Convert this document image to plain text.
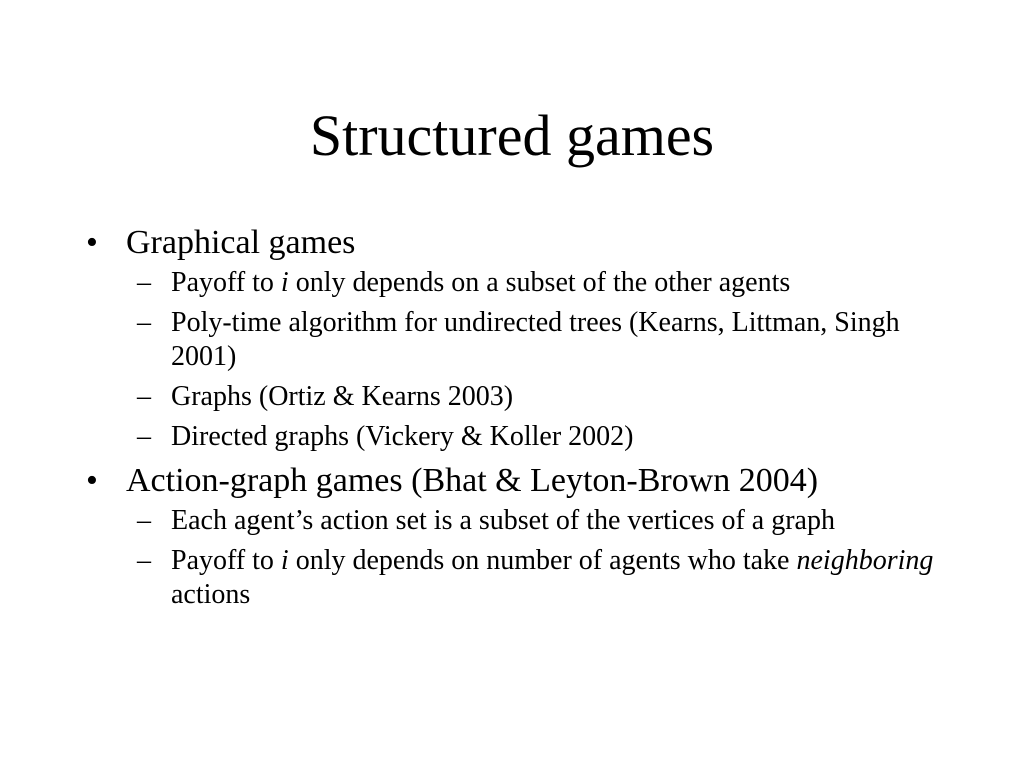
Structured games
• Graphical games
– Payoff to i only depends on a subset of the other agents
– Poly-time algorithm for undirected trees (Kearns, Littman, Singh 2001)
– Graphs (Ortiz & Kearns 2003)
– Directed graphs (Vickery & Koller 2002)
• Action-graph games (Bhat & Leyton-Brown 2004)
– Each agent’s action set is a subset of the vertices of a graph
– Payoff to i only depends on number of agents who take neighboring actions
